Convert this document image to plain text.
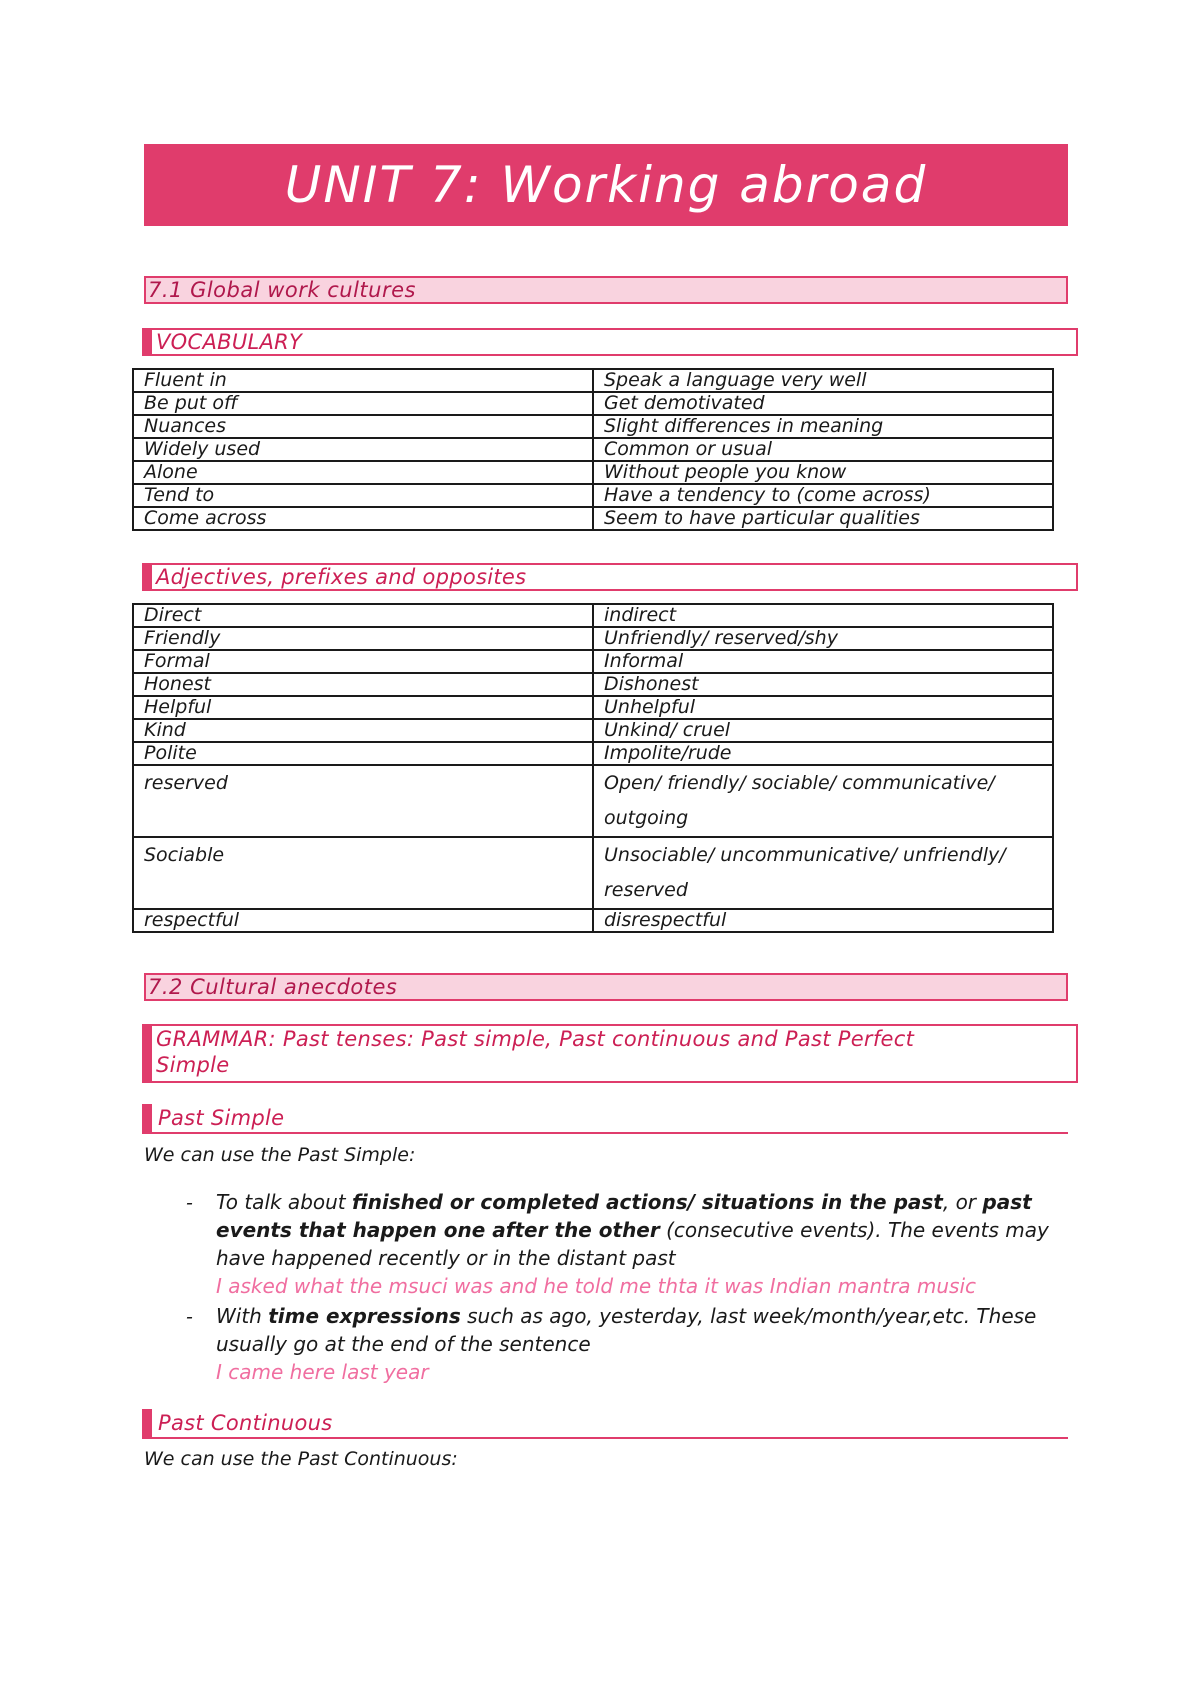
UNIT 7: Working abroad
7.1 Global work cultures
VOCABULARY
Fluent in	Speak a language very well
Be put off	Get demotivated
Nuances	Slight differences in meaning
Widely used	Common or usual
Alone	Without people you know
Tend to	Have a tendency to (come across)
Come across	Seem to have particular qualities
Adjectives, prefixes and opposites
Direct	indirect
Friendly	Unfriendly/ reserved/shy
Formal	Informal
Honest	Dishonest
Helpful	Unhelpful
Kind	Unkind/ cruel
Polite	Impolite/rude
reserved	Open/ friendly/ sociable/ communicative/ outgoing
Sociable	Unsociable/ uncommunicative/ unfriendly/ reserved
respectful	disrespectful
7.2 Cultural anecdotes
GRAMMAR: Past tenses: Past simple, Past continuous and Past Perfect
Simple
Past Simple
We can use the Past Simple:
- To talk about finished or completed actions/ situations in the past, or past events that happen one after the other (consecutive events). The events may have happened recently or in the distant past
I asked what the msuci was and he told me thta it was Indian mantra music
- With time expressions such as ago, yesterday, last week/month/year,etc. These usually go at the end of the sentence
I came here last year
Past Continuous
We can use the Past Continuous:
